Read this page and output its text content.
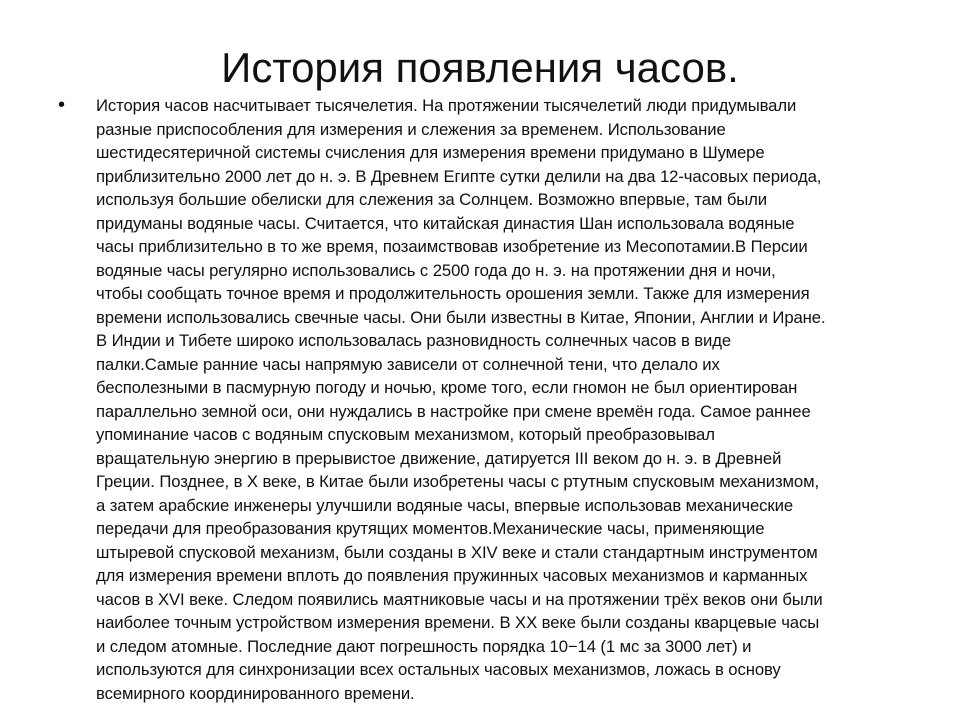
История появления часов.
•	История часов насчитывает тысячелетия. На протяжении тысячелетий люди придумывали
разные приспособления для измерения и слежения за временем. Использование
шестидесятеричной системы счисления для измерения времени придумано в Шумере
приблизительно 2000 лет до н. э. В Древнем Египте сутки делили на два 12-часовых периода,
используя большие обелиски для слежения за Солнцем. Возможно впервые, там были
придуманы водяные часы. Считается, что китайская династия Шан использовала водяные
часы приблизительно в то же время, позаимствовав изобретение из Месопотамии.В Персии
водяные часы регулярно использовались с 2500 года до н. э. на протяжении дня и ночи,
чтобы сообщать точное время и продолжительность орошения земли. Также для измерения
времени использовались свечные часы. Они были известны в Китае, Японии, Англии и Иране.
В Индии и Тибете широко использовалась разновидность солнечных часов в виде
палки.Самые ранние часы напрямую зависели от солнечной тени, что делало их
бесполезными в пасмурную погоду и ночью, кроме того, если гномон не был ориентирован
параллельно земной оси, они нуждались в настройке при смене времён года. Самое раннее
упоминание часов с водяным спусковым механизмом, который преобразовывал
вращательную энергию в прерывистое движение, датируется III веком до н. э. в Древней
Греции. Позднее, в X веке, в Китае были изобретены часы с ртутным спусковым механизмом,
а затем арабские инженеры улучшили водяные часы, впервые использовав механические
передачи для преобразования крутящих моментов.Механические часы, применяющие
штыревой спусковой механизм, были созданы в XIV веке и стали стандартным инструментом
для измерения времени вплоть до появления пружинных часовых механизмов и карманных
часов в XVI веке. Следом появились маятниковые часы и на протяжении трёх веков они были
наиболее точным устройством измерения времени. В XX веке были созданы кварцевые часы
и следом атомные. Последние дают погрешность порядка 10−14 (1 мс за 3000 лет) и
используются для синхронизации всех остальных часовых механизмов, ложась в основу
всемирного координированного времени.
